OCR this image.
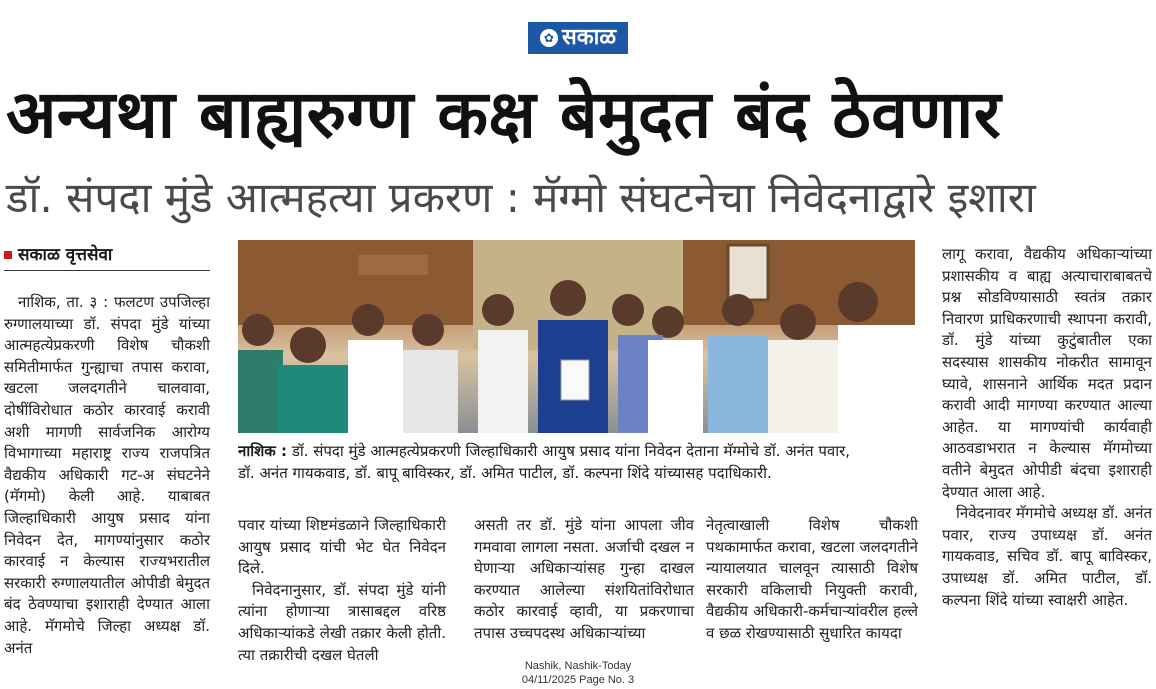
✿ सकाळ
अन्यथा बाह्यरुग्ण कक्ष बेमुदत बंद ठेवणार
डॉ. संपदा मुंडे आत्महत्या प्रकरण : मॅग्मो संघटनेचा निवेदनाद्वारे इशारा
सकाळ वृत्तसेवा

नाशिक, ता. ३ : फलटण उपजिल्हा रुग्णालयाच्या डॉ. संपदा मुंडे यांच्या आत्महत्येप्रकरणी विशेष चौकशी समितीमार्फत गुन्ह्याचा तपास करावा, खटला जलदगतीने चालवावा, दोषींविरोधात कठोर कारवाई करावी अशी मागणी सार्वजनिक आरोग्य विभागाच्या महाराष्ट्र राज्य राजपत्रित वैद्यकीय अधिकारी गट-अ संघटनेने (मॅगमो) केली आहे. याबाबत जिल्हाधिकारी आयुष प्रसाद यांना निवेदन देत, मागण्यांनुसार कठोर कारवाई न केल्यास राज्यभरातील सरकारी रुग्णालयातील ओपीडी बेमुदत बंद ठेवण्याचा इशाराही देण्यात आला आहे. मॅगमोचे जिल्हा अध्यक्ष डॉ. अनंत

नाशिक : डॉ. संपदा मुंडे आत्महत्येप्रकरणी जिल्हाधिकारी आयुष प्रसाद यांना निवेदन देताना मॅग्मोचे डॉ. अनंत पवार,
डॉ. अनंत गायकवाड, डॉ. बापू बाविस्कर, डॉ. अमित पाटील, डॉ. कल्पना शिंदे यांच्यासह पदाधिकारी.

पवार यांच्या शिष्टमंडळाने जिल्हाधिकारी आयुष प्रसाद यांची भेट घेत निवेदन दिले.

निवेदनानुसार, डॉ. संपदा मुंडे यांनी त्यांना होणाऱ्या त्रासाबद्दल वरिष्ठ अधिकाऱ्यांकडे लेखी तक्रार केली होती. त्या तक्रारीची दखल घेतली

असती तर डॉ. मुंडे यांना आपला जीव गमवावा लागला नसता. अर्जाची दखल न घेणाऱ्या अधिकाऱ्यांसह गुन्हा दाखल करण्यात आलेल्या संशयितांविरोधात कठोर कारवाई व्हावी, या प्रकरणाचा तपास उच्चपदस्थ अधिकाऱ्यांच्या

नेतृत्वाखाली विशेष चौकशी पथकामार्फत करावा, खटला जलदगतीने न्यायालयात चालवून त्यासाठी विशेष सरकारी वकिलाची नियुक्ती करावी, वैद्यकीय अधिकारी-कर्मचाऱ्यांवरील हल्ले व छळ रोखण्यासाठी सुधारित कायदा

लागू करावा, वैद्यकीय अधिकाऱ्यांच्या प्रशासकीय व बाह्य अत्याचाराबाबतचे प्रश्न सोडविण्यासाठी स्वतंत्र तक्रार निवारण प्राधिकरणाची स्थापना करावी, डॉ. मुंडे यांच्या कुटुंबातील एका सदस्यास शासकीय नोकरीत सामावून घ्यावे, शासनाने आर्थिक मदत प्रदान करावी आदी मागण्या करण्यात आल्या आहेत. या मागण्यांची कार्यवाही आठवडाभरात न केल्यास मॅगमोच्या वतीने बेमुदत ओपीडी बंदचा इशाराही देण्यात आला आहे.

निवेदनावर मॅगमोचे अध्यक्ष डॉ. अनंत पवार, राज्य उपाध्यक्ष डॉ. अनंत गायकवाड, सचिव डॉ. बापू बाविस्कर, उपाध्यक्ष डॉ. अमित पाटील, डॉ. कल्पना शिंदे यांच्या स्वाक्षरी आहेत.

Nashik, Nashik-Today
04/11/2025 Page No. 3
